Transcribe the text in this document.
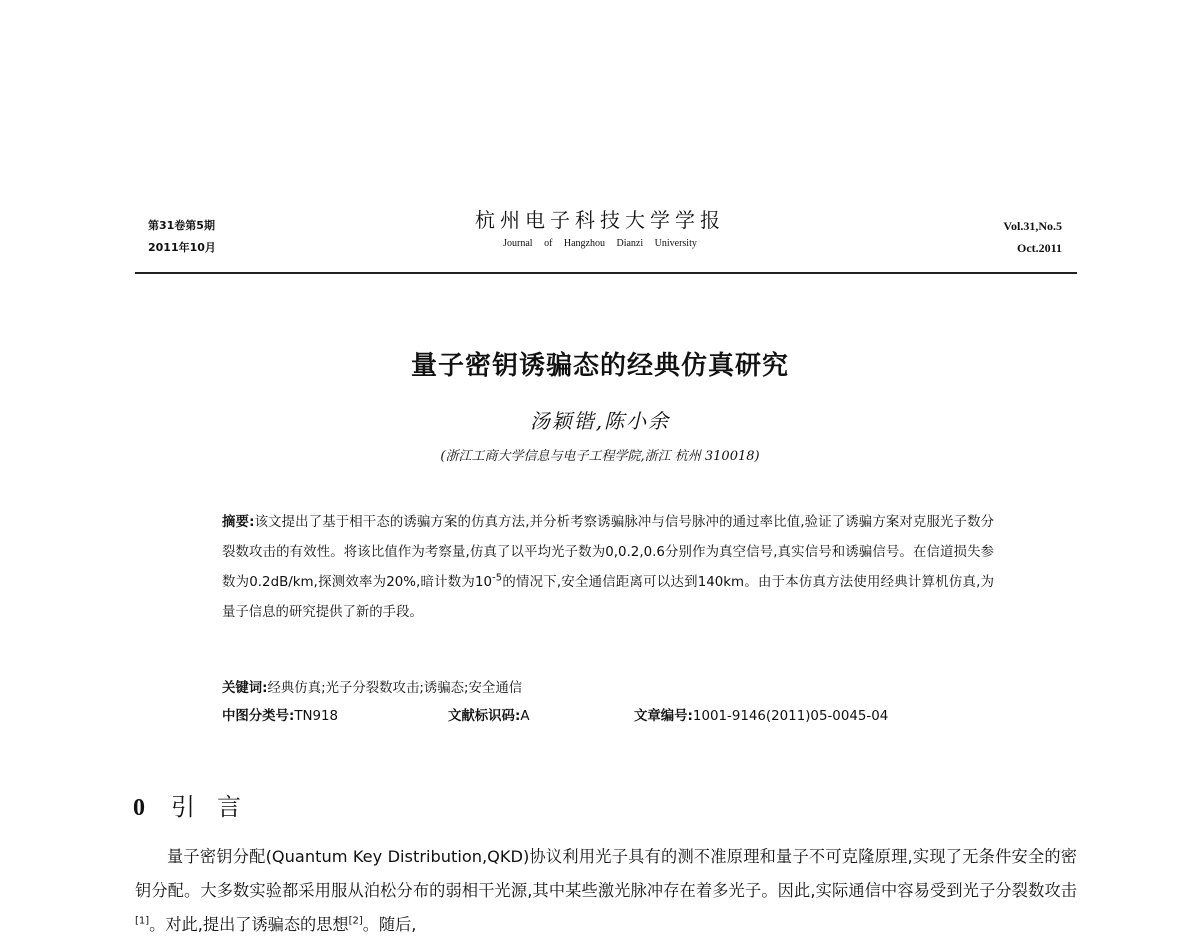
第31卷第5期
2011年10月
杭州电子科技大学学报
Journal of Hangzhou Dianzi University
Vol.31,No.5
Oct.2011
量子密钥诱骗态的经典仿真研究
汤颖锴,陈小余
(浙江工商大学信息与电子工程学院,浙江 杭州 310018)
摘要:该文提出了基于相干态的诱骗方案的仿真方法,并分析考察诱骗脉冲与信号脉冲的通过率比值,验证了诱骗方案对克服光子数分裂数攻击的有效性。将该比值作为考察量,仿真了以平均光子数为0,0.2,0.6分别作为真空信号,真实信号和诱骗信号。在信道损失参数为0.2dB/km,探测效率为20%,暗计数为$10^{-5}$的情况下,安全通信距离可以达到140km。由于本仿真方法使用经典计算机仿真,为量子信息的研究提供了新的手段。
关键词:经典仿真;光子分裂数攻击;诱骗态;安全通信
中图分类号:TN918	文献标识码:A	文章编号:1001-9146(2011)05-0045-04
0 引言
量子密钥分配(Quantum Key Distribution,QKD)协议利用光子具有的测不准原理和量子不可克隆原理,实现了无条件安全的密钥分配。大多数实验都采用服从泊松分布的弱相干光源,其中某些激光脉冲存在着多光子。因此,实际通信中容易受到光子分裂数攻击[1]。对此,提出了诱骗态的思想[2]。随后,
